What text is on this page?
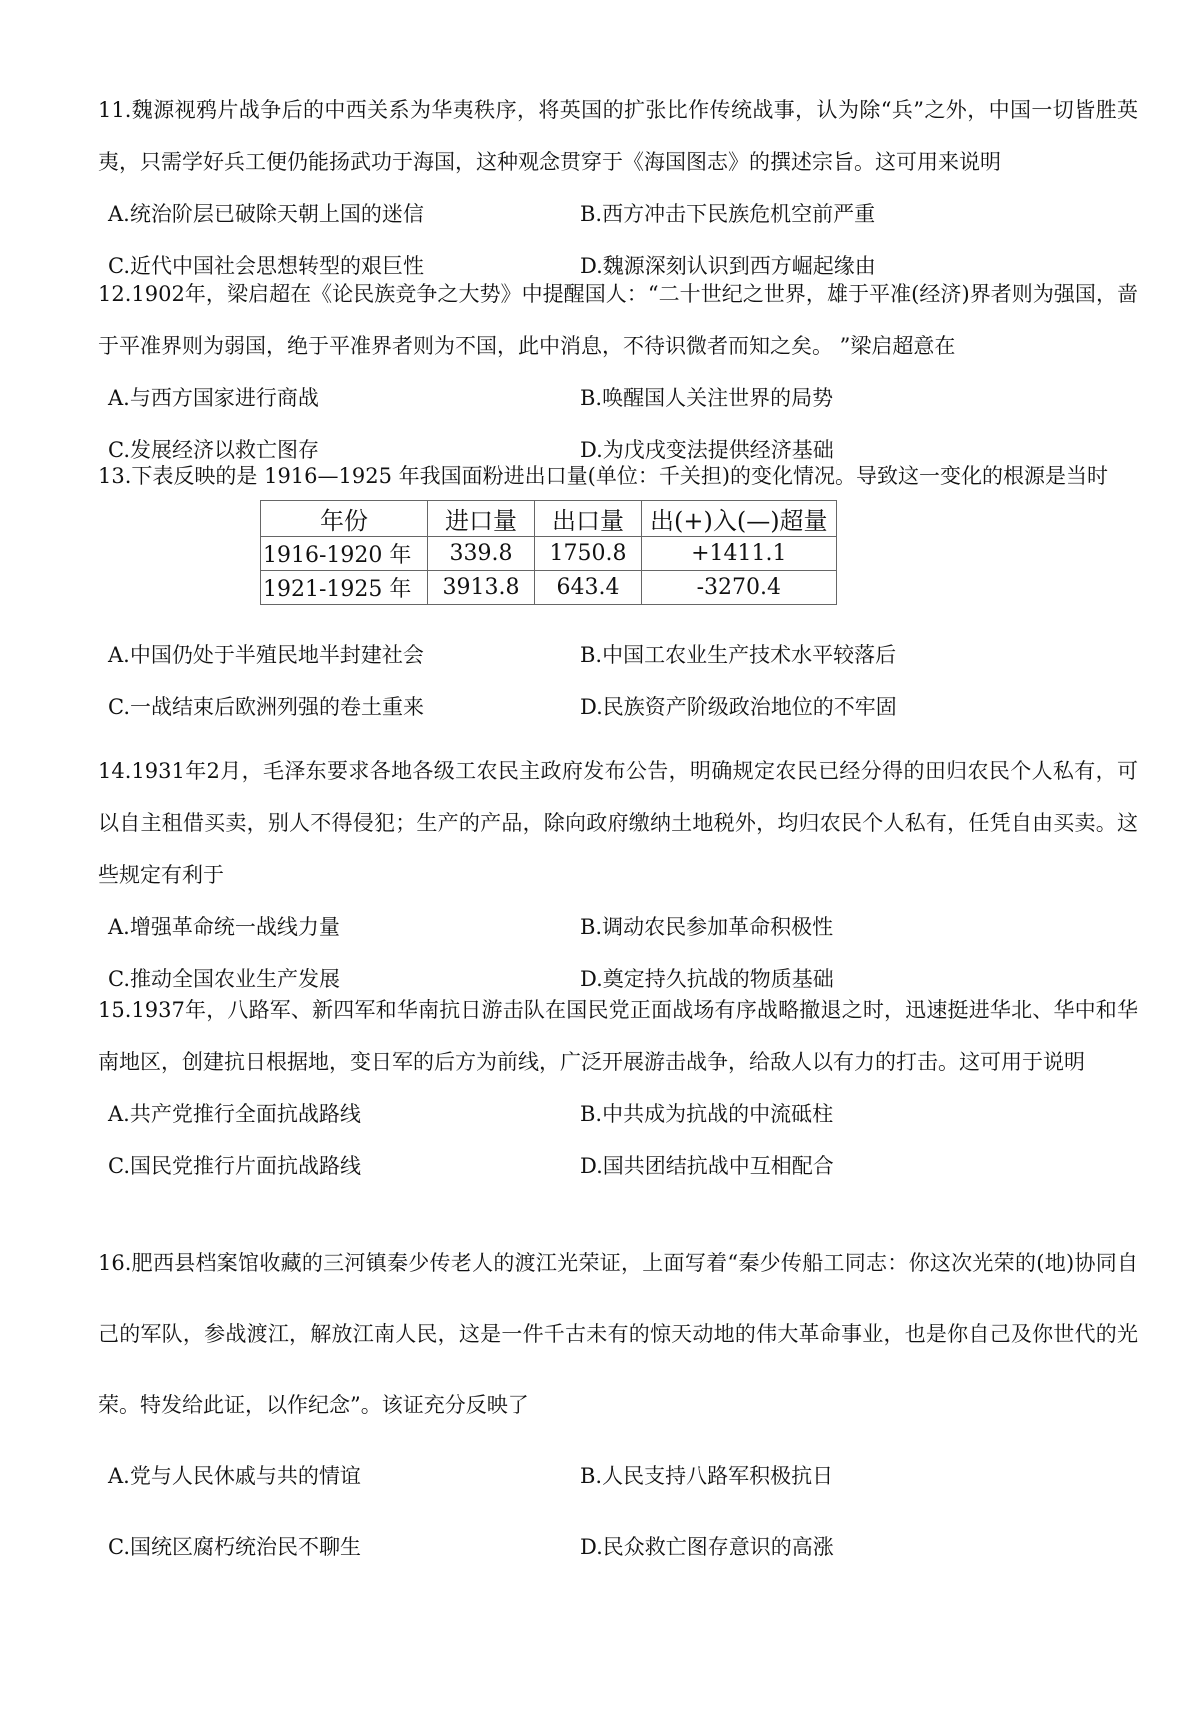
11.魏源视鸦片战争后的中西关系为华夷秩序，将英国的扩张比作传统战事，认为除“兵”之外，中国一切皆胜英夷，只需学好兵工便仍能扬武功于海国，这种观念贯穿于《海国图志》的撰述宗旨。这可用来说明

A.统治阶层已破除天朝上国的迷信	B.西方冲击下民族危机空前严重
C.近代中国社会思想转型的艰巨性	D.魏源深刻认识到西方崛起缘由

12.1902年，梁启超在《论民族竞争之大势》中提醒国人：“二十世纪之世界，雄于平准(经济)界者则为强国，啬于平准界则为弱国，绝于平准界者则为不国，此中消息，不待识微者而知之矣。 ”梁启超意在

A.与西方国家进行商战	B.唤醒国人关注世界的局势
C.发展经济以救亡图存	D.为戊戌变法提供经济基础

13.下表反映的是 1916—1925 年我国面粉进出口量(单位：千关担)的变化情况。导致这一变化的根源是当时

年份	进口量	出口量	出(+)入(—)超量
1916-1920 年	339.8	1750.8	+1411.1
1921-1925 年	3913.8	643.4	-3270.4
A.中国仍处于半殖民地半封建社会	B.中国工农业生产技术水平较落后
C.一战结束后欧洲列强的卷土重来	D.民族资产阶级政治地位的不牢固

14.1931年2月，毛泽东要求各地各级工农民主政府发布公告，明确规定农民已经分得的田归农民个人私有，可以自主租借买卖，别人不得侵犯；生产的产品，除向政府缴纳土地税外，均归农民个人私有，任凭自由买卖。这些规定有利于

A.增强革命统一战线力量	B.调动农民参加革命积极性
C.推动全国农业生产发展	D.奠定持久抗战的物质基础

15.1937年，八路军、新四军和华南抗日游击队在国民党正面战场有序战略撤退之时，迅速挺进华北、华中和华南地区，创建抗日根据地，变日军的后方为前线，广泛开展游击战争，给敌人以有力的打击。这可用于说明

A.共产党推行全面抗战路线	B.中共成为抗战的中流砥柱
C.国民党推行片面抗战路线	D.国共团结抗战中互相配合

16.肥西县档案馆收藏的三河镇秦少传老人的渡江光荣证，上面写着“秦少传船工同志：你这次光荣的(地)协同自己的军队，参战渡江，解放江南人民，这是一件千古未有的惊天动地的伟大革命事业，也是你自己及你世代的光荣。特发给此证，以作纪念”。该证充分反映了

A.党与人民休戚与共的情谊	B.人民支持八路军积极抗日
C.国统区腐朽统治民不聊生	D.民众救亡图存意识的高涨
